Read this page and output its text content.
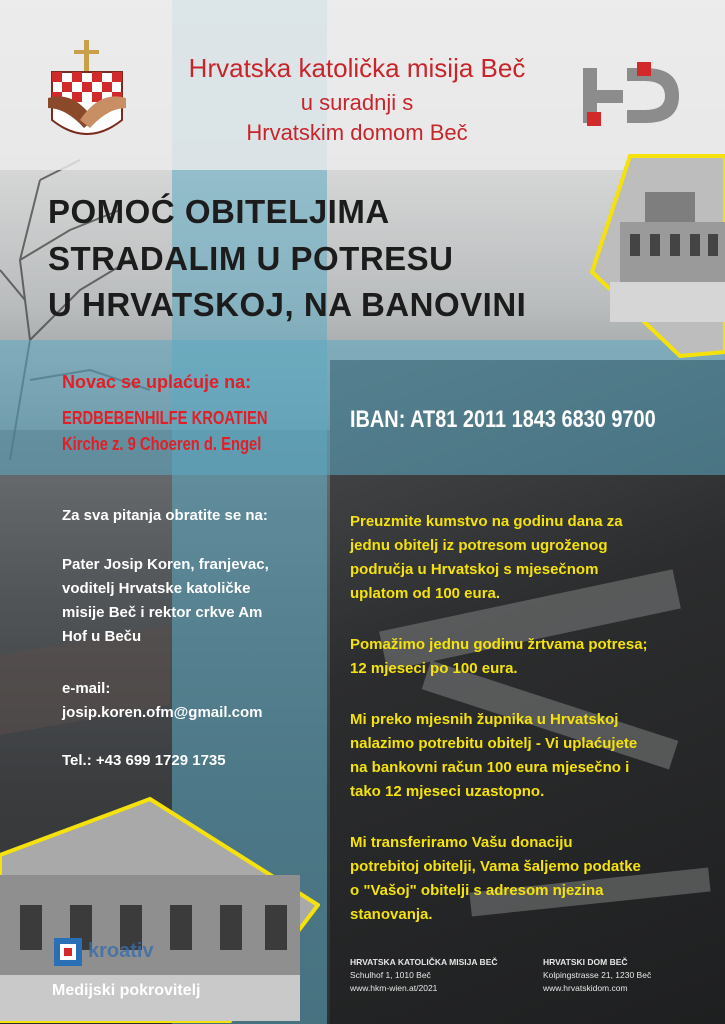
Hrvatska katolička misija Beč
u suradnji s
Hrvatskim domom Beč
POMOĆ OBITELJIMA
STRADALIM U POTRESU
U HRVATSKOJ, NA BANOVINI
Novac se uplaćuje na:
ERDBEBENHILFE KROATIEN
Kirche z. 9 Choeren d. Engel
IBAN: AT81 2011 1843 6830 9700
Za sva pitanja obratite se na:
Pater Josip Koren, franjevac,
voditelj Hrvatske katoličke
misije Beč i rektor crkve Am
Hof u Beču
e-mail:
josip.koren.ofm@gmail.com
Tel.: +43 699 1729 1735
Preuzmite kumstvo na godinu dana za
jednu obitelj iz potresom ugroženog
područja u Hrvatskoj s mjesečnom
uplatom od 100 eura.
Pomažimo jednu godinu žrtvama potresa;
12 mjeseci po 100 eura.
Mi preko mjesnih župnika u Hrvatskoj
nalazimo potrebitu obitelj - Vi uplaćujete
na bankovni račun 100 eura mjesečno i
tako 12 mjeseci uzastopno.
Mi transferiramo Vašu donaciju
potrebitoj obitelji, Vama šaljemo podatke
o "Vašoj" obitelji s adresom njezina
stanovanja.
HRVATSKA KATOLIČKA MISIJA BEČ
Schulhof 1, 1010 Beč
www.hkm-wien.at/2021
HRVATSKI DOM BEČ
Kolpingstrasse 21, 1230 Beč
www.hrvatskidom.com
kroativ
Medijski pokrovitelj
